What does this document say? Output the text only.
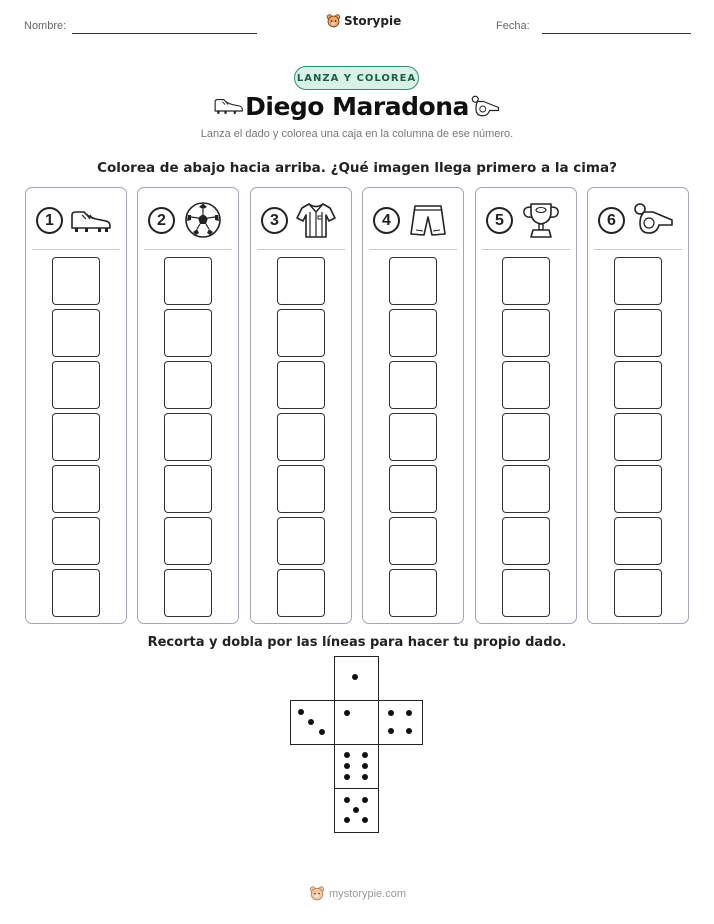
Nombre:	Fecha:
Storypie
LANZA Y COLOREA
Diego Maradona
Lanza el dado y colorea una caja en la columna de ese número.
Colorea de abajo hacia arriba. ¿Qué imagen llega primero a la cima?
1	2	3	4	5	6
Recorta y dobla por las líneas para hacer tu propio dado.
mystorypie.com
